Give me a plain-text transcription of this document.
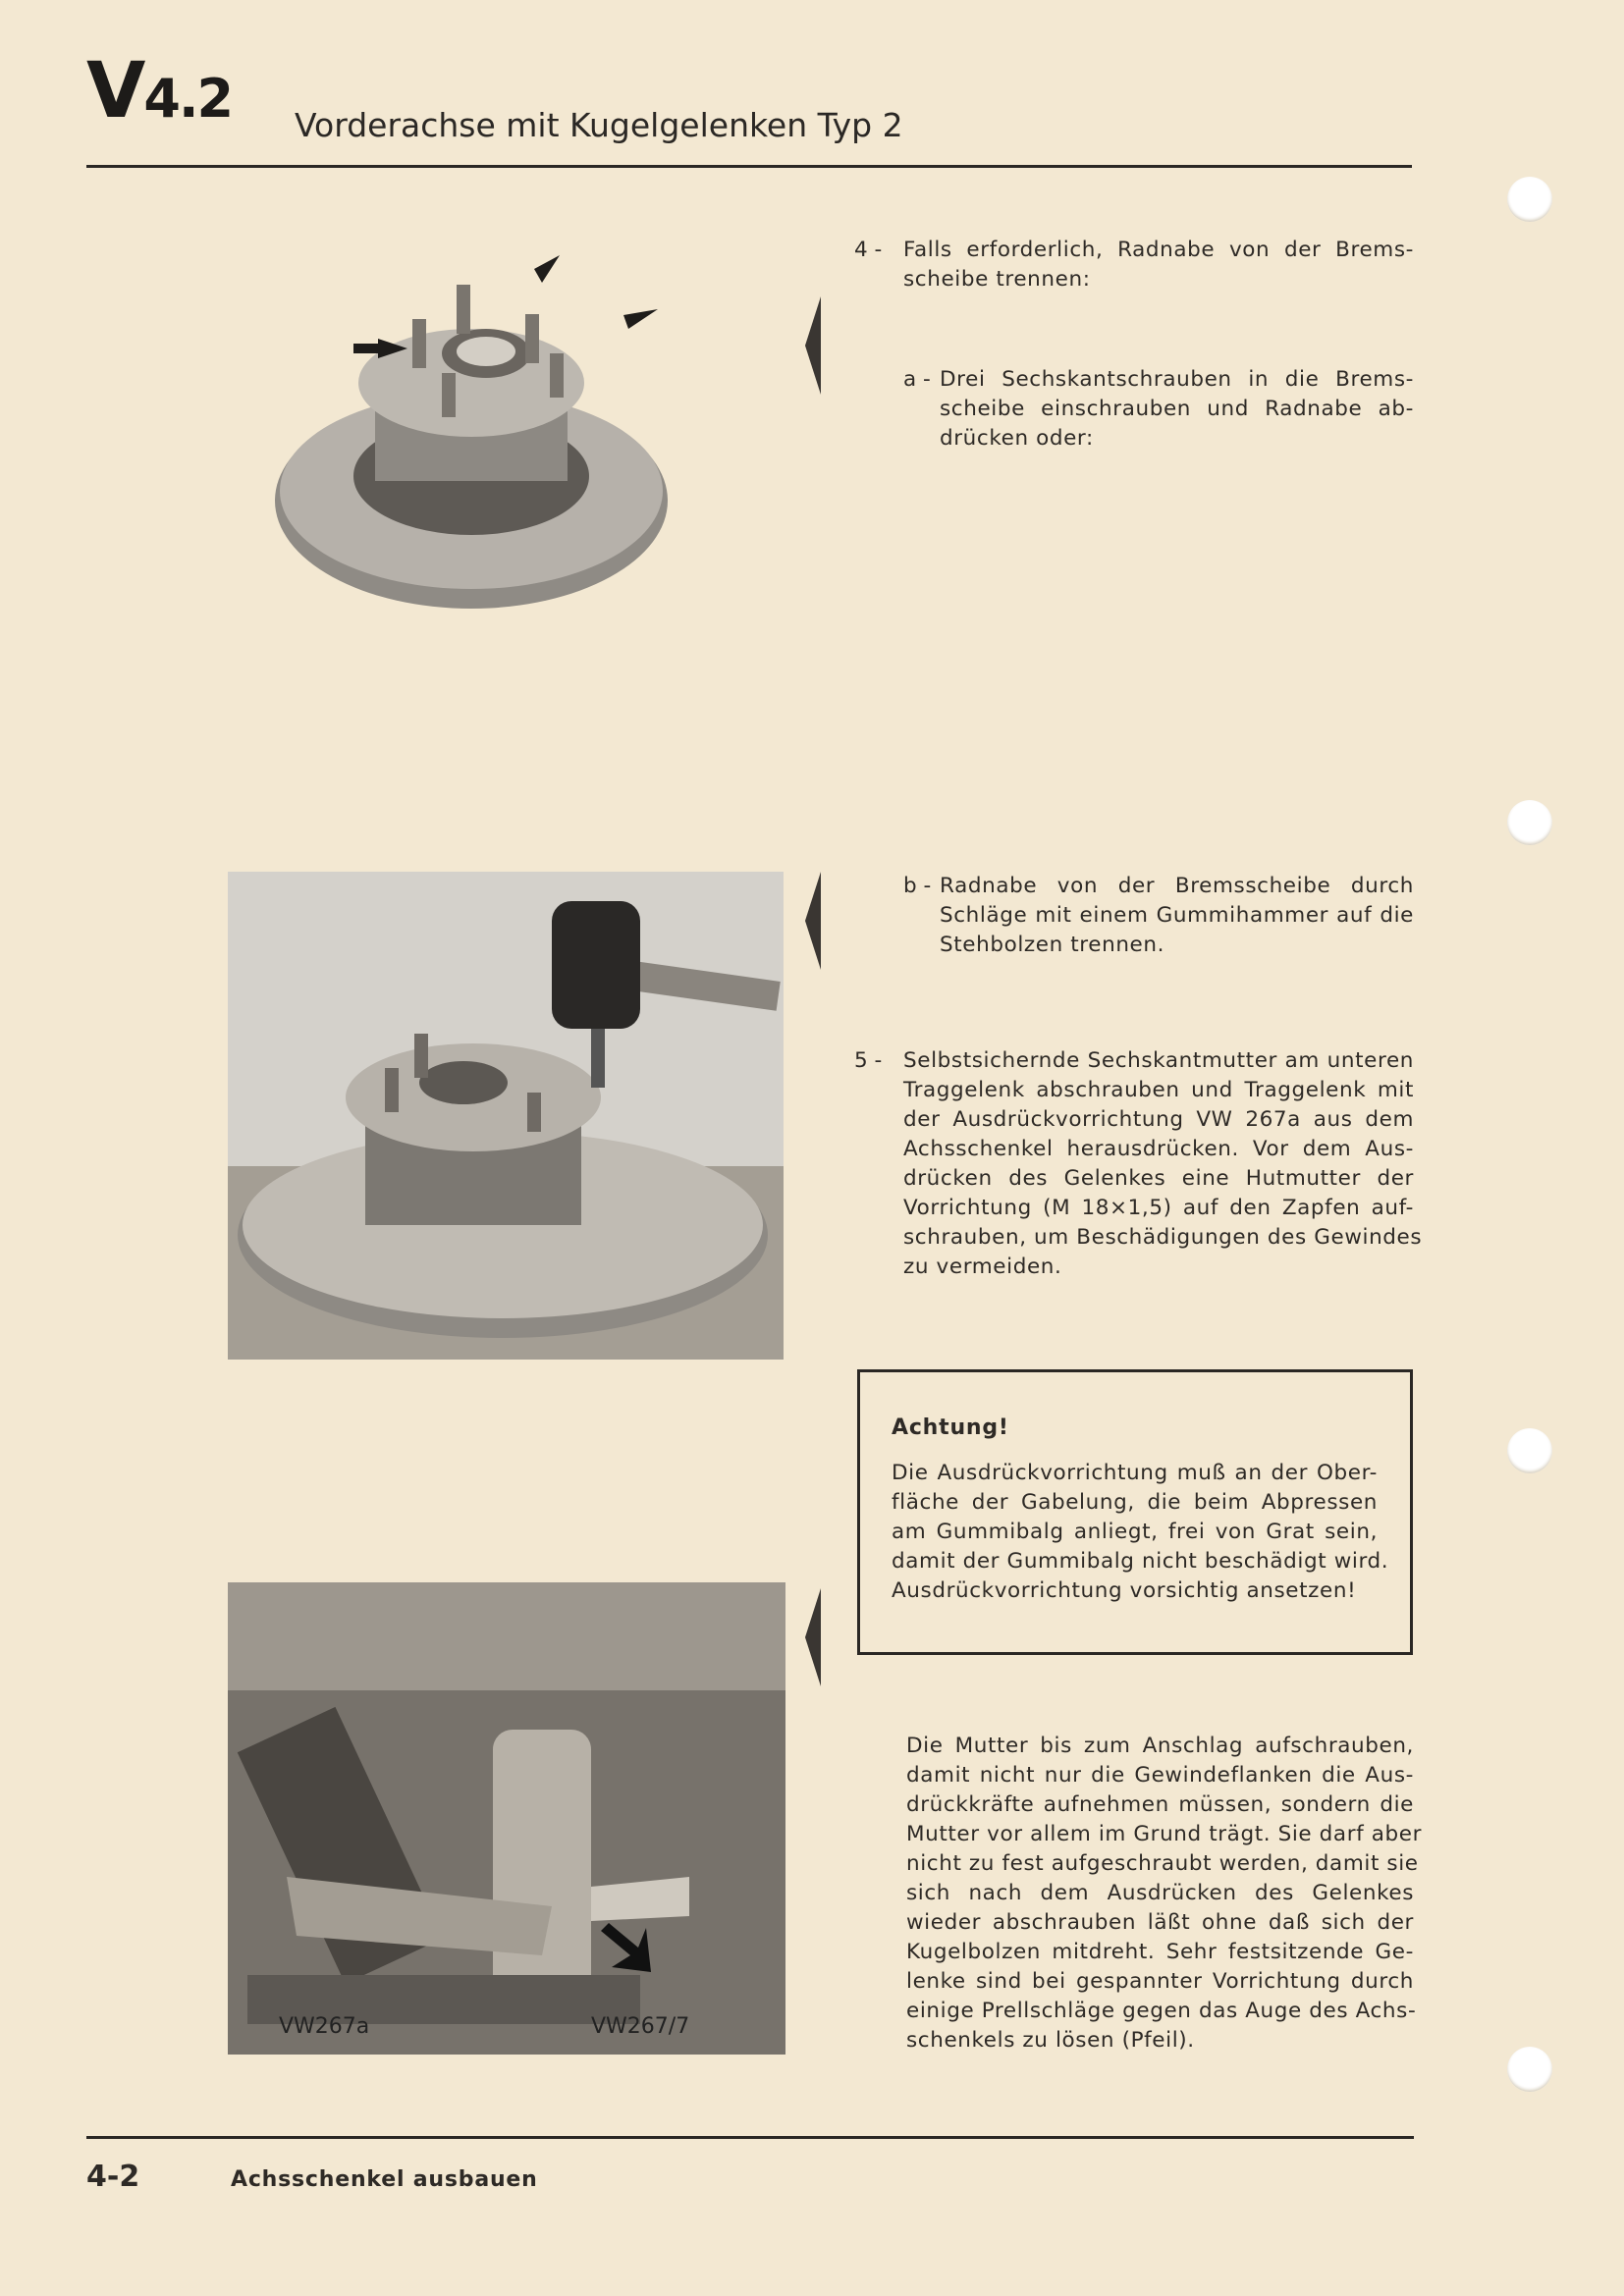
V4.2 Vorderachse mit Kugelgelenken Typ 2
4 - Falls erforderlich, Radnabe von der Brems-
scheibe trennen:
a - Drei Sechskantschrauben in die Brems-
scheibe einschrauben und Radnabe ab-
drücken oder:
b - Radnabe von der Bremsscheibe durch
Schläge mit einem Gummihammer auf die
Stehbolzen trennen.
5 - Selbstsichernde Sechskantmutter am unteren
Traggelenk abschrauben und Traggelenk mit
der Ausdrückvorrichtung VW 267a aus dem
Achsschenkel herausdrücken. Vor dem Aus-
drücken des Gelenkes eine Hutmutter der
Vorrichtung (M 18×1,5) auf den Zapfen auf-
schrauben, um Beschädigungen des Gewindes
zu vermeiden.
Achtung!
Die Ausdrückvorrichtung muß an der Ober-
fläche der Gabelung, die beim Abpressen
am Gummibalg anliegt, frei von Grat sein,
damit der Gummibalg nicht beschädigt wird.
Ausdrückvorrichtung vorsichtig ansetzen!
VW267a	VW267/7
Die Mutter bis zum Anschlag aufschrauben,
damit nicht nur die Gewindeflanken die Aus-
drückkräfte aufnehmen müssen, sondern die
Mutter vor allem im Grund trägt. Sie darf aber
nicht zu fest aufgeschraubt werden, damit sie
sich nach dem Ausdrücken des Gelenkes
wieder abschrauben läßt ohne daß sich der
Kugelbolzen mitdreht. Sehr festsitzende Ge-
lenke sind bei gespannter Vorrichtung durch
einige Prellschläge gegen das Auge des Achs-
schenkels zu lösen (Pfeil).
4-2	Achsschenkel ausbauen
